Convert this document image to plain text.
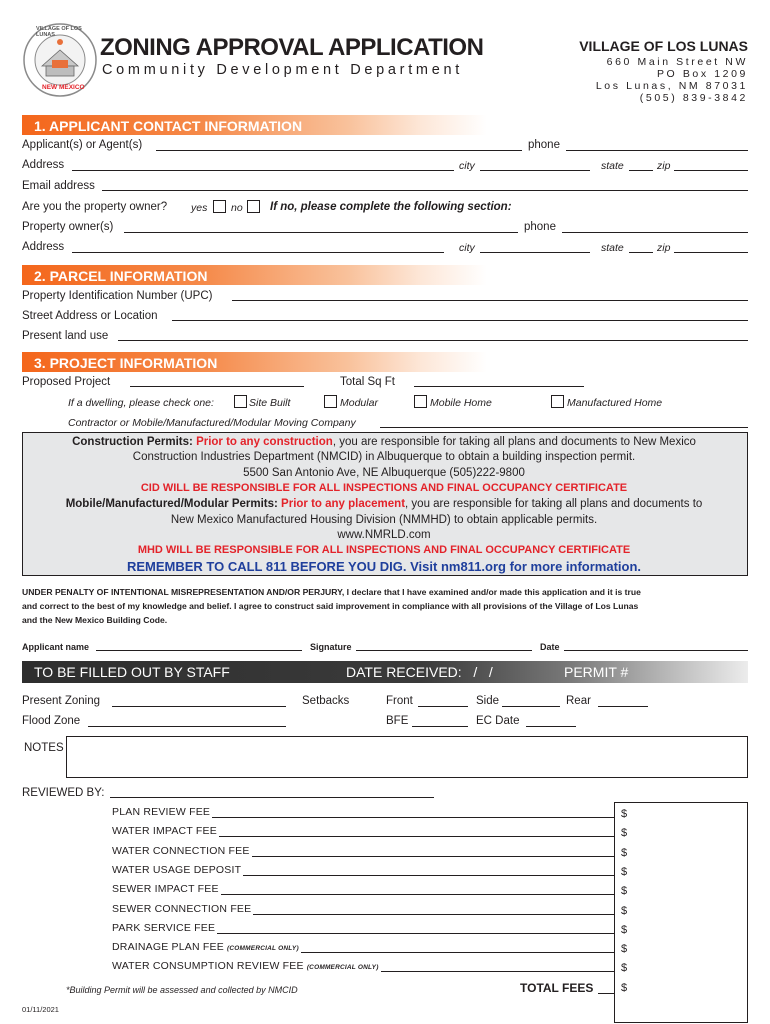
VILLAGE OF LOS LUNAS
NEW MEXICO
ZONING APPROVAL APPLICATION
Community Development Department
VILLAGE OF LOS LUNAS
660 Main Street NW
PO Box 1209
Los Lunas, NM 87031
(505) 839-3842
1. APPLICANT CONTACT INFORMATION
Applicant(s) or Agent(s)	phone
Address	city	state	zip
Email address
Are you the property owner? yes no If no, please complete the following section:
Property owner(s)	phone
Address	city	state	zip
2. PARCEL INFORMATION
Property Identification Number (UPC)
Street Address or Location
Present land use
3. PROJECT INFORMATION
Proposed Project	Total Sq Ft
If a dwelling, please check one:	Site Built	Modular	Mobile Home	Manufactured Home
Contractor or Mobile/Manufactured/Modular Moving Company
Construction Permits: Prior to any construction, you are responsible for taking all plans and documents to New Mexico
Construction Industries Department (NMCID) in Albuquerque to obtain a building inspection permit.
5500 San Antonio Ave, NE Albuquerque (505)222-9800
CID WILL BE RESPONSIBLE FOR ALL INSPECTIONS AND FINAL OCCUPANCY CERTIFICATE
Mobile/Manufactured/Modular Permits: Prior to any placement, you are responsible for taking all plans and documents to
New Mexico Manufactured Housing Division (NMMHD) to obtain applicable permits.
www.NMRLD.com
MHD WILL BE RESPONSIBLE FOR ALL INSPECTIONS AND FINAL OCCUPANCY CERTIFICATE
REMEMBER TO CALL 811 BEFORE YOU DIG. Visit nm811.org for more information.
UNDER PENALTY OF INTENTIONAL MISREPRESENTATION AND/OR PERJURY, I declare that I have examined and/or made this application and it is true
and correct to the best of my knowledge and belief. I agree to construct said improvement in compliance with all provisions of the Village of Los Lunas
and the New Mexico Building Code.
Applicant name	Signature	Date
TO BE FILLED OUT BY STAFF	DATE RECEIVED:   /   /	PERMIT #
Present Zoning	Setbacks	Front	Side	Rear
Flood Zone	BFE	EC Date
NOTES
REVIEWED BY:
PLAN REVIEW FEE	$
WATER IMPACT FEE	$
WATER CONNECTION FEE	$
WATER USAGE DEPOSIT	$
SEWER IMPACT FEE	$
SEWER CONNECTION FEE	$
PARK SERVICE FEE	$
DRAINAGE PLAN FEE (COMMERCIAL ONLY)	$
WATER CONSUMPTION REVIEW FEE (COMMERCIAL ONLY)	$
TOTAL FEES	$
*Building Permit will be assessed and collected by NMCID
01/11/2021
